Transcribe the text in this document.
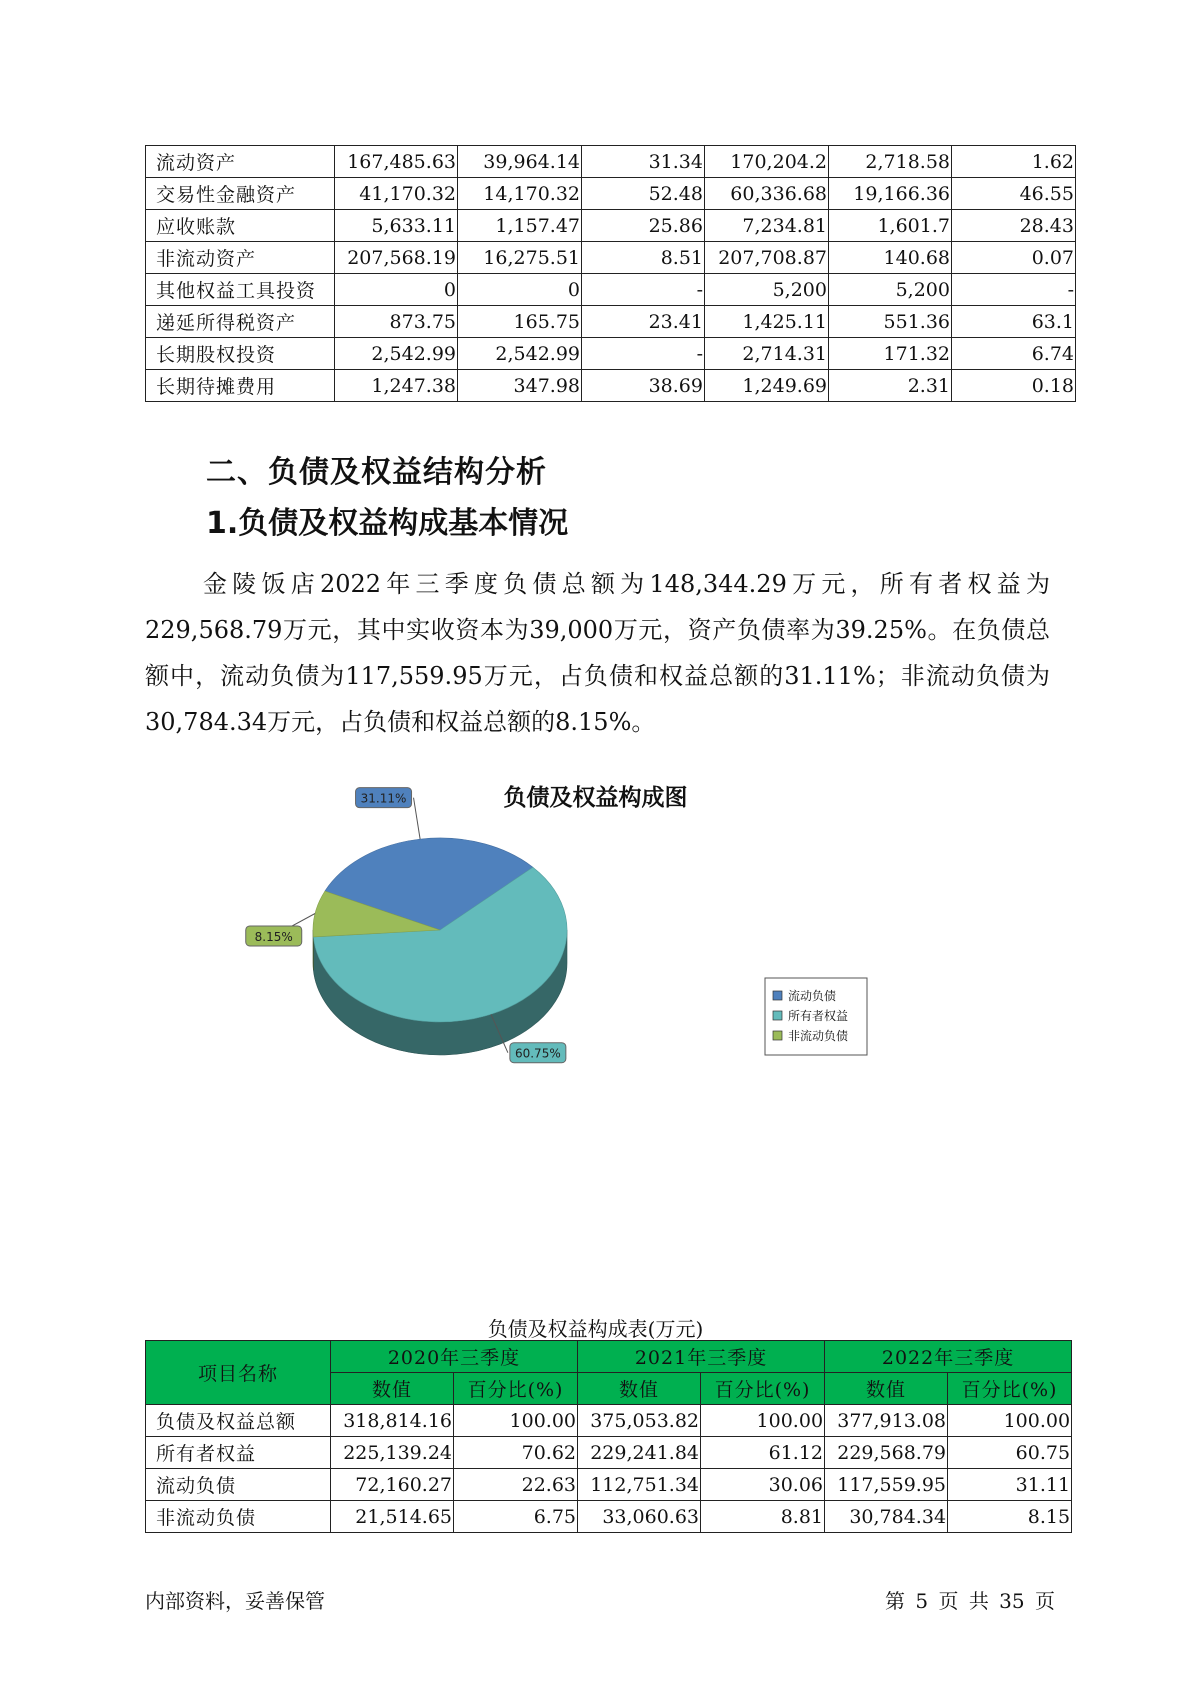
流动资产	167,485.63	39,964.14	31.34	170,204.2	2,718.58	1.62
交易性金融资产	41,170.32	14,170.32	52.48	60,336.68	19,166.36	46.55
应收账款	5,633.11	1,157.47	25.86	7,234.81	1,601.7	28.43
非流动资产	207,568.19	16,275.51	8.51	207,708.87	140.68	0.07
其他权益工具投资	0	0	-	5,200	5,200	-
递延所得税资产	873.75	165.75	23.41	1,425.11	551.36	63.1
长期股权投资	2,542.99	2,542.99	-	2,714.31	171.32	6.74
长期待摊费用	1,247.38	347.98	38.69	1,249.69	2.31	0.18
二、负债及权益结构分析
1.负债及权益构成基本情况
金陵饭店2022年三季度负债总额为148,344.29万元，所有者权益为229,568.79万元，其中实收资本为39,000万元，资产负债率为39.25%。在负债总额中，流动负债为117,559.95万元，占负债和权益总额的31.11%；非流动负债为30,784.34万元，占负债和权益总额的8.15%。
负债及权益构成图
31.11%
60.75%
8.15%
流动负债
所有者权益
非流动负债
负债及权益构成表(万元)
项目名称	2020年三季度		2021年三季度		2022年三季度	
	数值	百分比(%)	数值	百分比(%)	数值	百分比(%)
负债及权益总额	318,814.16	100.00	375,053.82	100.00	377,913.08	100.00
所有者权益	225,139.24	70.62	229,241.84	61.12	229,568.79	60.75
流动负债	72,160.27	22.63	112,751.34	30.06	117,559.95	31.11
非流动负债	21,514.65	6.75	33,060.63	8.81	30,784.34	8.15
内部资料，妥善保管	第 5 页 共 35 页
